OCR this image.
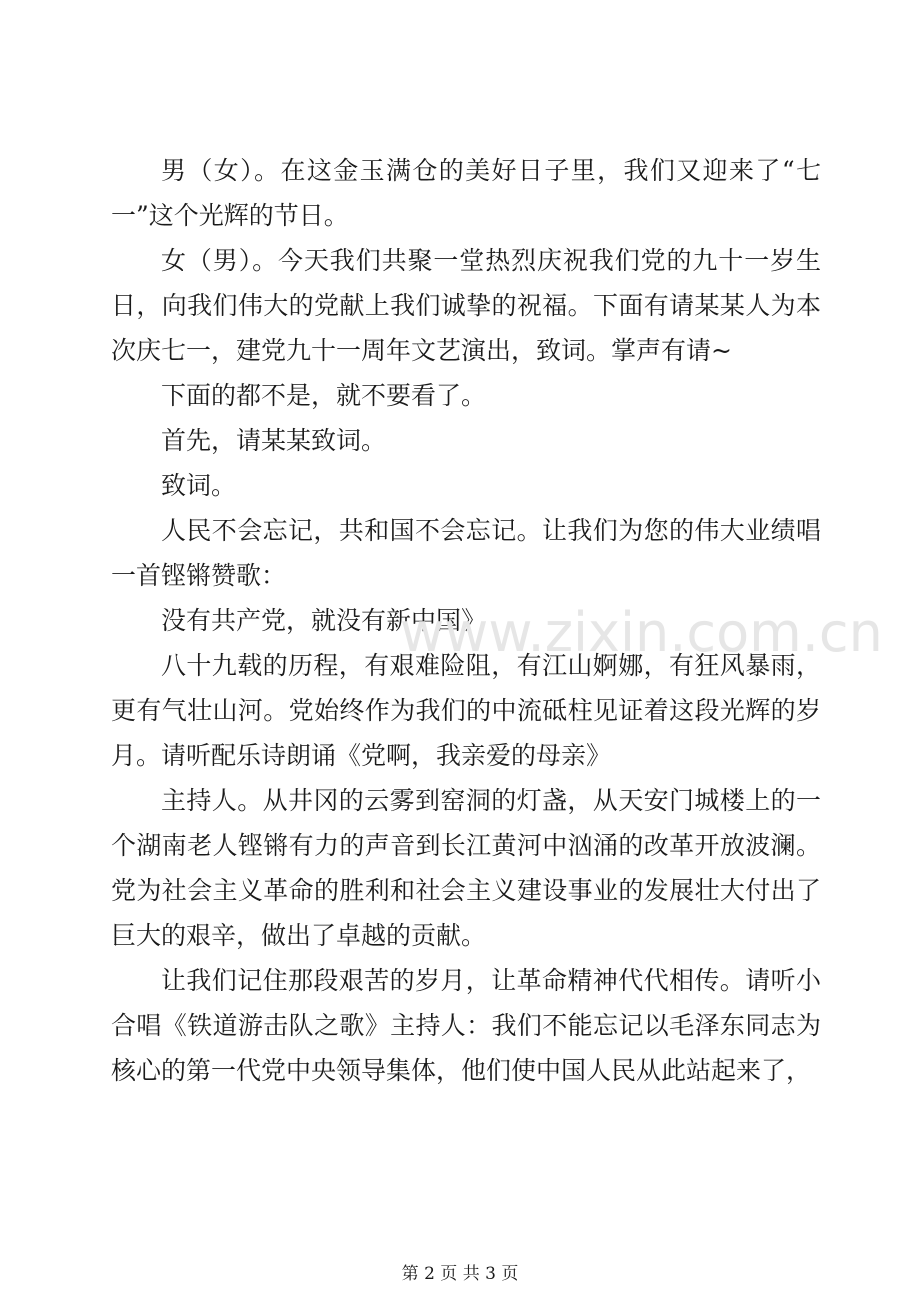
男（女）。在这金玉满仓的美好日子里，我们又迎来了“七一”这个光辉的节日。

女（男）。今天我们共聚一堂热烈庆祝我们党的九十一岁生日，向我们伟大的党献上我们诚挚的祝福。下面有请某某人为本次庆七一，建党九十一周年文艺演出，致词。掌声有请~

下面的都不是，就不要看了。

首先，请某某致词。

致词。

人民不会忘记，共和国不会忘记。让我们为您的伟大业绩唱一首铿锵赞歌：

没有共产党，就没有新中国》

八十九载的历程，有艰难险阻，有江山婀娜，有狂风暴雨，更有气壮山河。党始终作为我们的中流砥柱见证着这段光辉的岁月。请听配乐诗朗诵《党啊，我亲爱的母亲》

主持人。从井冈的云雾到窑洞的灯盏，从天安门城楼上的一个湖南老人铿锵有力的声音到长江黄河中汹涌的改革开放波澜。党为社会主义革命的胜利和社会主义建设事业的发展壮大付出了巨大的艰辛，做出了卓越的贡献。

让我们记住那段艰苦的岁月，让革命精神代代相传。请听小合唱《铁道游击队之歌》主持人：我们不能忘记以毛泽东同志为核心的第一代党中央领导集体，他们使中国人民从此站起来了，

www.zixin.com.cn
第 2 页 共 3 页
